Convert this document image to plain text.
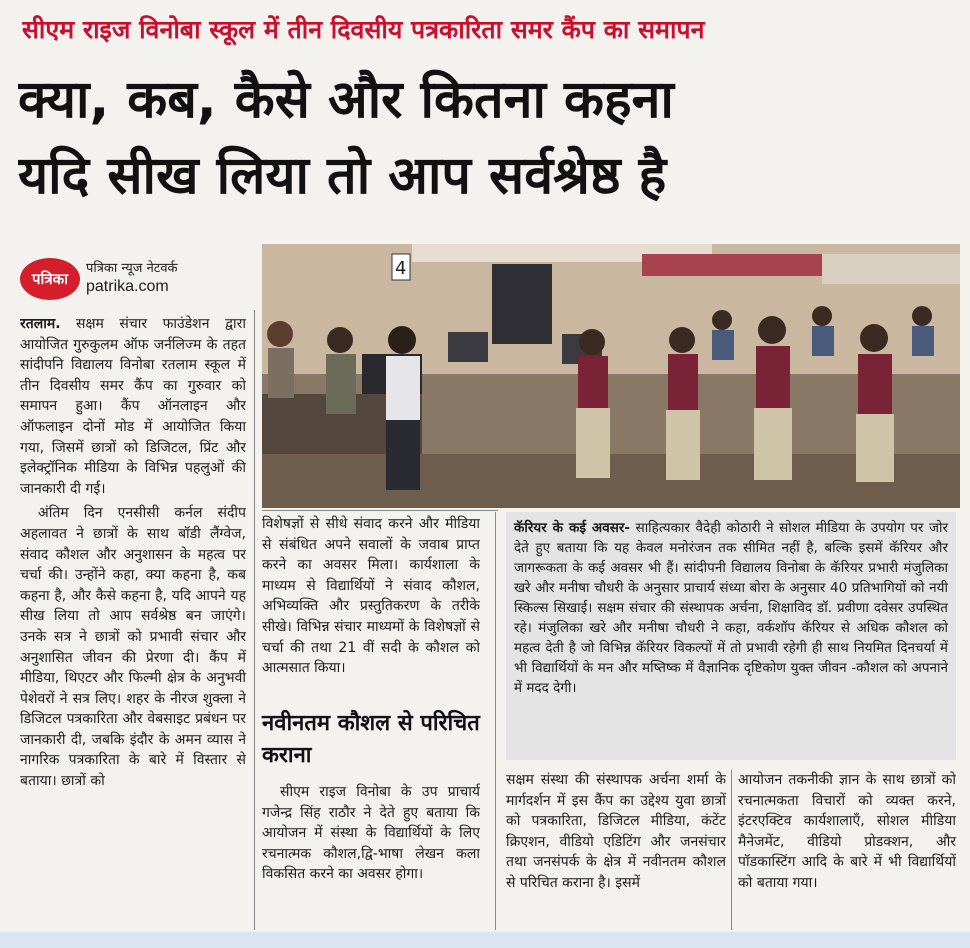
सीएम राइज विनोबा स्कूल में तीन दिवसीय पत्रकारिता समर कैंप का समापन
क्या, कब, कैसे और कितना कहना
यदि सीख लिया तो आप सर्वश्रेष्ठ है
पत्रिका
पत्रिका न्यूज नेटवर्क
patrika.com
4

रतलाम. सक्षम संचार फाउंडेशन द्वारा आयोजित गुरुकुलम ऑफ जर्नलिज्म के तहत सांदीपनि विद्यालय विनोबा रतलाम स्कूल में तीन दिवसीय समर कैंप का गुरुवार को समापन हुआ। कैंप ऑनलाइन और ऑफलाइन दोनों मोड में आयोजित किया गया, जिसमें छात्रों को डिजिटल, प्रिंट और इलेक्ट्रॉनिक मीडिया के विभिन्न पहलुओं की जानकारी दी गई।

अंतिम दिन एनसीसी कर्नल संदीप अहलावत ने छात्रों के साथ बॉडी लैंग्वेज, संवाद कौशल और अनुशासन के महत्व पर चर्चा की। उन्होंने कहा, क्या कहना है, कब कहना है, और कैसे कहना है, यदि आपने यह सीख लिया तो आप सर्वश्रेष्ठ बन जाएंगे। उनके सत्र ने छात्रों को प्रभावी संचार और अनुशासित जीवन की प्रेरणा दी। कैंप में मीडिया, थिएटर और फिल्मी क्षेत्र के अनुभवी पेशेवरों ने सत्र लिए। शहर के नीरज शुक्ला ने डिजिटल पत्रकारिता और वेबसाइट प्रबंधन पर जानकारी दी, जबकि इंदौर के अमन व्यास ने नागरिक पत्रकारिता के बारे में विस्तार से बताया। छात्रों को

विशेषज्ञों से सीधे संवाद करने और मीडिया से संबंधित अपने सवालों के जवाब प्राप्त करने का अवसर मिला। कार्यशाला के माध्यम से विद्यार्थियों ने संवाद कौशल, अभिव्यक्ति और प्रस्तुतिकरण के तरीके सीखे। विभिन्न संचार माध्यमों के विशेषज्ञों से चर्चा की तथा 21 वीं सदी के कौशल को आत्मसात किया।

नवीनतम कौशल से परिचित कराना

सीएम राइज विनोबा के उप प्राचार्य गजेन्द्र सिंह राठौर ने देते हुए बताया कि आयोजन में संस्था के विद्यार्थियों के लिए रचनात्मक कौशल,द्वि-भाषा लेखन कला विकसित करने का अवसर होगा।

कॅरियर के कई अवसर- साहित्यकार वैदेही कोठारी ने सोशल मीडिया के उपयोग पर जोर देते हुए बताया कि यह केवल मनोरंजन तक सीमित नहीं है, बल्कि इसमें कॅरियर और जागरूकता के कई अवसर भी हैं। सांदीपनी विद्यालय विनोबा के कॅरियर प्रभारी मंजुलिका खरे और मनीषा चौधरी के अनुसार प्राचार्य संध्या बोरा के अनुसार 40 प्रतिभागियों को नयी स्किल्स सिखाई। सक्षम संचार की संस्थापक अर्चना, शिक्षाविद डॉ. प्रवीणा दवेसर उपस्थित रहे। मंजुलिका खरे और मनीषा चौधरी ने कहा, वर्कशॉप कॅरियर से अधिक कौशल को महत्व देती है जो विभिन्न कॅरियर विकल्पों में तो प्रभावी रहेगी ही साथ नियमित दिनचर्या में भी विद्यार्थियों के मन और मष्तिष्क में वैज्ञानिक दृष्टिकोण युक्त जीवन -कौशल को अपनाने में मदद देगी।

सक्षम संस्था की संस्थापक अर्चना शर्मा के मार्गदर्शन में इस कैंप का उद्देश्य युवा छात्रों को पत्रकारिता, डिजिटल मीडिया, कंटेंट क्रिएशन, वीडियो एडिटिंग और जनसंचार तथा जनसंपर्क के क्षेत्र में नवीनतम कौशल से परिचित कराना है। इसमें

आयोजन तकनीकी ज्ञान के साथ छात्रों को रचनात्मकता विचारों को व्यक्त करने, इंटरएक्टिव कार्यशालाएँ, सोशल मीडिया मैनेजमेंट, वीडियो प्रोडक्शन, और पॉडकास्टिंग आदि के बारे में भी विद्यार्थियों को बताया गया।
